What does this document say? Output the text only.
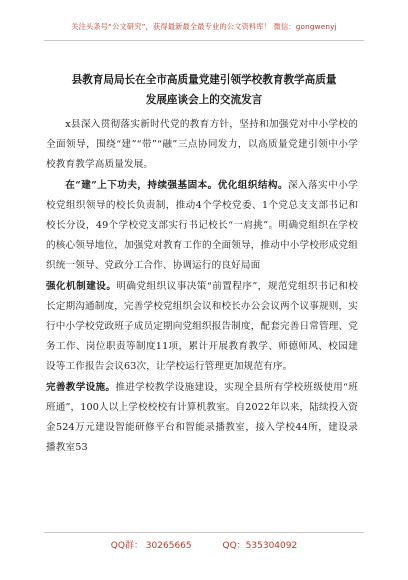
关注头条号“公文研究”，获得最新最全最专业的公文资料库！ 微信：gongwenyj
县教育局局长在全市高质量党建引领学校教育教学高质量
发展座谈会上的交流发言

x县深入贯彻落实新时代党的教育方针，坚持和加强党对中小学校的全面领导，围绕“建”“带”“融”三点协同发力，以高质量党建引领中小学校教育教学高质量发展。

在“建”上下功夫，持续强基固本。优化组织结构。深入落实中小学校党组织领导的校长负责制，推动4个学校党委、1个党总支支部书记和校长分设，49个学校党支部实行书记校长“一肩挑”。明确党组织在学校的核心领导地位，加强党对教育工作的全面领导，推动中小学校形成党组织统一领导、党政分工合作、协调运行的良好局面

强化机制建设。明确党组织议事决策“前置程序”，规范党组织书记和校长定期沟通制度，完善学校党组织会议和校长办公会议两个议事规则，实行中小学校党政班子成员定期向党组织报告制度，配套完善日常管理、党务工作、岗位职责等制度11项，累计开展教育教学、师德师风、校园建设等工作报告会议63次，让学校运行管理更加规范有序。

完善教学设施。推进学校教学设施建设，实现全县所有学校班级使用“班班通”，100人以上学校校校有计算机教室。自2022年以来，陆续投入资金524万元建设智能研修平台和智能录播教室，接入学校44所，建设录播教室53

QQ群： 30265665	QQ：535304092
